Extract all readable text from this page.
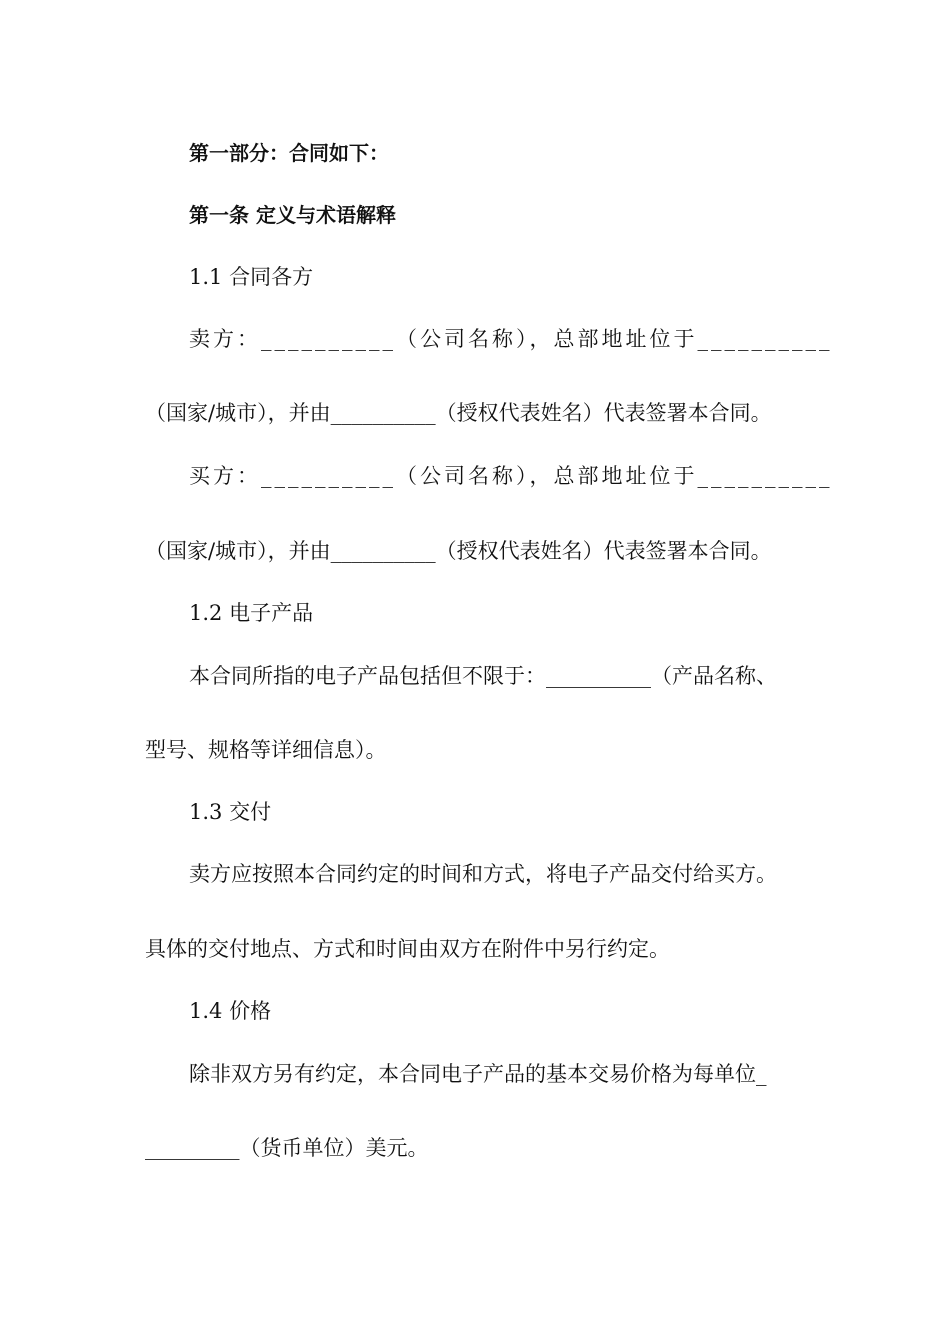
第一部分：合同如下：
第一条 定义与术语解释
1.1 合同各方
卖方：__________（公司名称），总部地址位于__________
（国家/城市），并由__________（授权代表姓名）代表签署本合同。
买方：__________（公司名称），总部地址位于__________
（国家/城市），并由__________（授权代表姓名）代表签署本合同。
1.2 电子产品
本合同所指的电子产品包括但不限于：__________（产品名称、
型号、规格等详细信息）。
1.3 交付
卖方应按照本合同约定的时间和方式，将电子产品交付给买方。
具体的交付地点、方式和时间由双方在附件中另行约定。
1.4 价格
除非双方另有约定，本合同电子产品的基本交易价格为每单位_
_________（货币单位）美元。
